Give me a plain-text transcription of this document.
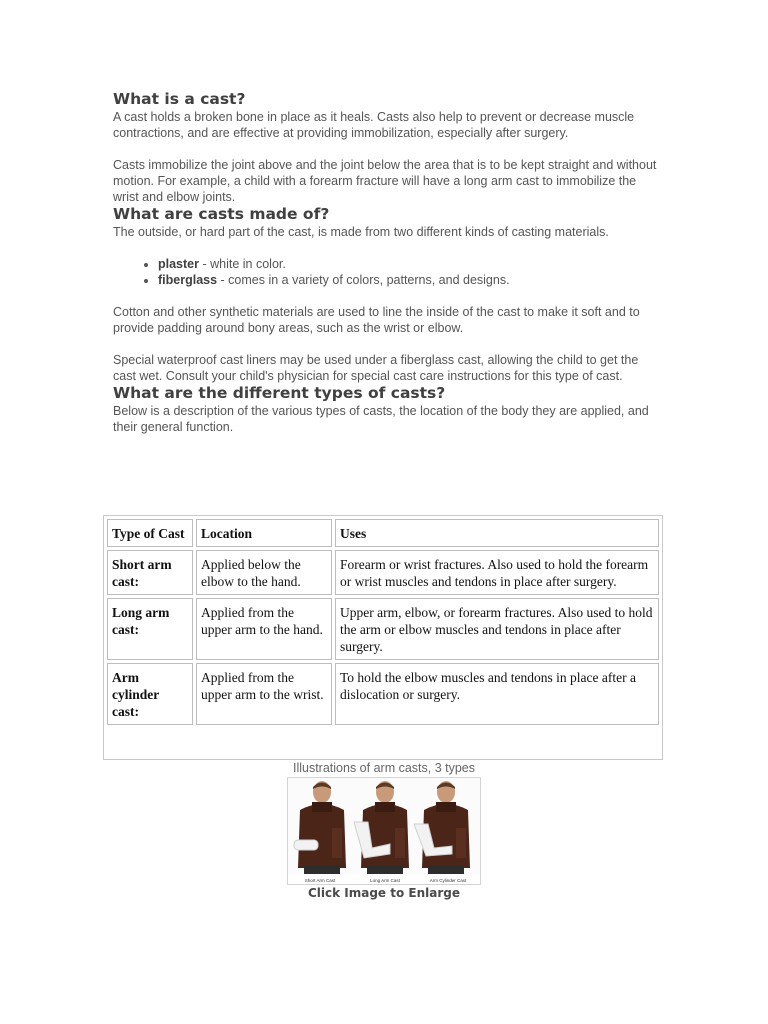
What is a cast?

A cast holds a broken bone in place as it heals. Casts also help to prevent or decrease muscle contractions, and are effective at providing immobilization, especially after surgery.

Casts immobilize the joint above and the joint below the area that is to be kept straight and without motion. For example, a child with a forearm fracture will have a long arm cast to immobilize the wrist and elbow joints.

What are casts made of?

The outside, or hard part of the cast, is made from two different kinds of casting materials.

• plaster - white in color.
• fiberglass - comes in a variety of colors, patterns, and designs.

Cotton and other synthetic materials are used to line the inside of the cast to make it soft and to provide padding around bony areas, such as the wrist or elbow.

Special waterproof cast liners may be used under a fiberglass cast, allowing the child to get the cast wet. Consult your child's physician for special cast care instructions for this type of cast.

What are the different types of casts?

Below is a description of the various types of casts, the location of the body they are applied, and their general function.

Type of Cast	Location	Uses
Short arm cast:	Applied below the elbow to the hand.	Forearm or wrist fractures. Also used to hold the forearm or wrist muscles and tendons in place after surgery.
Long arm cast:	Applied from the upper arm to the hand.	Upper arm, elbow, or forearm fractures. Also used to hold the arm or elbow muscles and tendons in place after surgery.
Arm cylinder cast:	Applied from the upper arm to the wrist.	To hold the elbow muscles and tendons in place after a dislocation or surgery.
Illustrations of arm casts, 3 types
Short Arm Cast	Long Arm Cast	Arm Cylinder Cast
Click Image to Enlarge
